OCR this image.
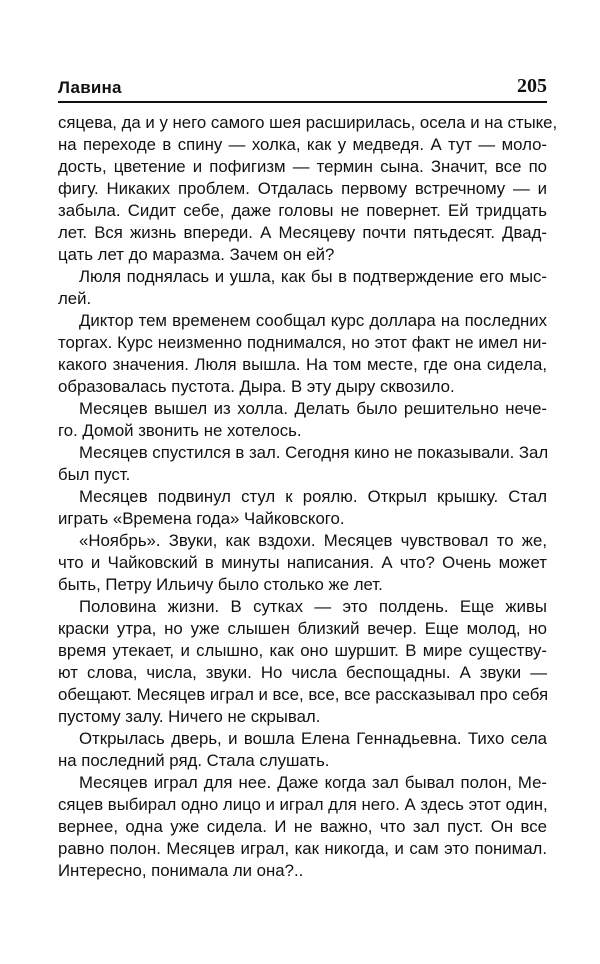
Лавина	205
сяцева, да и у него самого шея расширилась, осела и на стыке,
на переходе в спину — холка, как у медведя. А тут — моло-
дость, цветение и пофигизм — термин сына. Значит, все по
фигу. Никаких проблем. Отдалась первому встречному — и
забыла. Сидит себе, даже головы не повернет. Ей тридцать
лет. Вся жизнь впереди. А Месяцеву почти пятьдесят. Двад-
цать лет до маразма. Зачем он ей?
Люля поднялась и ушла, как бы в подтверждение его мыс-
лей.
Диктор тем временем сообщал курс доллара на последних
торгах. Курс неизменно поднимался, но этот факт не имел ни-
какого значения. Люля вышла. На том месте, где она сидела,
образовалась пустота. Дыра. В эту дыру сквозило.
Месяцев вышел из холла. Делать было решительно нече-
го. Домой звонить не хотелось.
Месяцев спустился в зал. Сегодня кино не показывали. Зал
был пуст.
Месяцев подвинул стул к роялю. Открыл крышку. Стал
играть «Времена года» Чайковского.
«Ноябрь». Звуки, как вздохи. Месяцев чувствовал то же,
что и Чайковский в минуты написания. А что? Очень может
быть, Петру Ильичу было столько же лет.
Половина жизни. В сутках — это полдень. Еще живы
краски утра, но уже слышен близкий вечер. Еще молод, но
время утекает, и слышно, как оно шуршит. В мире существу-
ют слова, числа, звуки. Но числа беспощадны. А звуки —
обещают. Месяцев играл и все, все, все рассказывал про себя
пустому залу. Ничего не скрывал.
Открылась дверь, и вошла Елена Геннадьевна. Тихо села
на последний ряд. Стала слушать.
Месяцев играл для нее. Даже когда зал бывал полон, Ме-
сяцев выбирал одно лицо и играл для него. А здесь этот один,
вернее, одна уже сидела. И не важно, что зал пуст. Он все
равно полон. Месяцев играл, как никогда, и сам это понимал.
Интересно, понимала ли она?..
